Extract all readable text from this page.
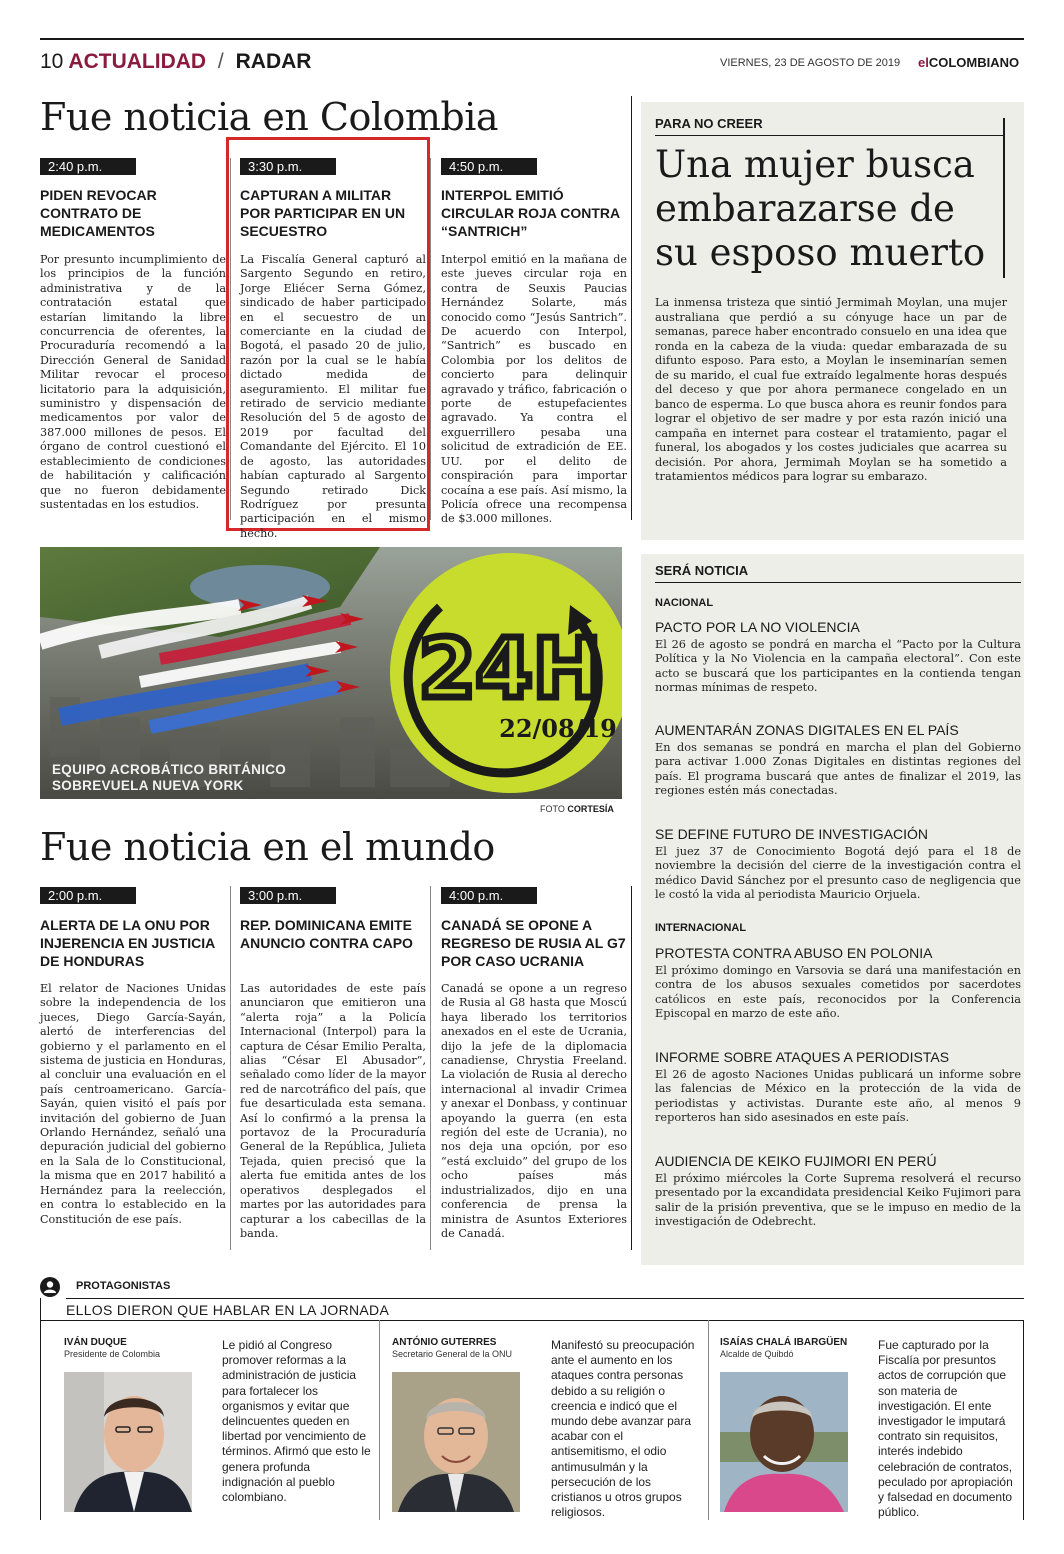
10 ACTUALIDAD / RADAR	VIERNES, 23 DE AGOSTO DE 2019 elCOLOMBIANO
Fue noticia en Colombia
2:40 p.m.
PIDEN REVOCAR CONTRATO DE MEDICAMENTOS
Por presunto incumplimiento de los principios de la función administrativa y de la contratación estatal que estarían limitando la libre concurrencia de oferentes, la Procuraduría recomendó a la Dirección General de Sanidad Militar revocar el proceso licitatorio para la adquisición, suministro y dispensación de medicamentos por valor de 387.000 millones de pesos. El órgano de control cuestionó el establecimiento de condiciones de habilitación y calificación que no fueron debidamente sustentadas en los estudios.
3:30 p.m.
CAPTURAN A MILITAR POR PARTICIPAR EN UN SECUESTRO
La Fiscalía General capturó al Sargento Segundo en retiro, Jorge Eliécer Serna Gómez, sindicado de haber participado en el secuestro de un comerciante en la ciudad de Bogotá, el pasado 20 de julio, razón por la cual se le había dictado medida de aseguramiento. El militar fue retirado de servicio mediante Resolución del 5 de agosto de 2019 por facultad del Comandante del Ejército. El 10 de agosto, las autoridades habían capturado al Sargento Segundo retirado Dick Rodríguez por presunta participación en el mismo hecho.
4:50 p.m.
INTERPOL EMITIÓ CIRCULAR ROJA CONTRA “SANTRICH”
Interpol emitió en la mañana de este jueves circular roja en contra de Seuxis Paucias Hernández Solarte, más conocido como “Jesús Santrich”. De acuerdo con Interpol, “Santrich” es buscado en Colombia por los delitos de concierto para delinquir agravado y tráfico, fabricación o porte de estupefacientes agravado. Ya contra el exguerrillero pesaba una solicitud de extradición de EE. UU. por el delito de conspiración para importar cocaína a ese país. Así mismo, la Policía ofrece una recompensa de $3.000 millones.
PARA NO CREER
Una mujer busca
embarazarse de
su esposo muerto
La inmensa tristeza que sintió Jermimah Moylan, una mujer australiana que perdió a su cónyuge hace un par de semanas, parece haber encontrado consuelo en una idea que ronda en la cabeza de la viuda: quedar embarazada de su difunto esposo. Para esto, a Moylan le inseminarían semen de su marido, el cual fue extraído legalmente horas después del deceso y que por ahora permanece congelado en un banco de esperma. Lo que busca ahora es reunir fondos para lograr el objetivo de ser madre y por esta razón inició una campaña en internet para costear el tratamiento, pagar el funeral, los abogados y los costes judiciales que acarrea su decisión. Por ahora, Jermimah Moylan se ha sometido a tratamientos médicos para lograr su embarazo.
24H
22/08/19
EQUIPO ACROBÁTICO BRITÁNICO
SOBREVUELA NUEVA YORK
FOTO CORTESÍA
SERÁ NOTICIA
NACIONAL
PACTO POR LA NO VIOLENCIA
El 26 de agosto se pondrá en marcha el “Pacto por la Cultura Política y la No Violencia en la campaña electoral”. Con este acto se buscará que los participantes en la contienda tengan normas mínimas de respeto.
AUMENTARÁN ZONAS DIGITALES EN EL PAÍS
En dos semanas se pondrá en marcha el plan del Gobierno para activar 1.000 Zonas Digitales en distintas regiones del país. El programa buscará que antes de finalizar el 2019, las regiones estén más conectadas.
SE DEFINE FUTURO DE INVESTIGACIÓN
El juez 37 de Conocimiento Bogotá dejó para el 18 de noviembre la decisión del cierre de la investigación contra el médico David Sánchez por el presunto caso de negligencia que le costó la vida al periodista Mauricio Orjuela.
INTERNACIONAL
PROTESTA CONTRA ABUSO EN POLONIA
El próximo domingo en Varsovia se dará una manifestación en contra de los abusos sexuales cometidos por sacerdotes católicos en este país, reconocidos por la Conferencia Episcopal en marzo de este año.
INFORME SOBRE ATAQUES A PERIODISTAS
El 26 de agosto Naciones Unidas publicará un informe sobre las falencias de México en la protección de la vida de periodistas y activistas. Durante este año, al menos 9 reporteros han sido asesinados en este país.
AUDIENCIA DE KEIKO FUJIMORI EN PERÚ
El próximo miércoles la Corte Suprema resolverá el recurso presentado por la excandidata presidencial Keiko Fujimori para salir de la prisión preventiva, que se le impuso en medio de la investigación de Odebrecht.
Fue noticia en el mundo
2:00 p.m.
ALERTA DE LA ONU POR INJERENCIA EN JUSTICIA DE HONDURAS
El relator de Naciones Unidas sobre la independencia de los jueces, Diego García-Sayán, alertó de interferencias del gobierno y el parlamento en el sistema de justicia en Honduras, al concluir una evaluación en el país centroamericano. García-Sayán, quien visitó el país por invitación del gobierno de Juan Orlando Hernández, señaló una depuración judicial del gobierno en la Sala de lo Constitucional, la misma que en 2017 habilitó a Hernández para la reelección, en contra lo establecido en la Constitución de ese país.
3:00 p.m.
REP. DOMINICANA EMITE ANUNCIO CONTRA CAPO
Las autoridades de este país anunciaron que emitieron una “alerta roja” a la Policía Internacional (Interpol) para la captura de César Emilio Peralta, alias “César El Abusador”, señalado como líder de la mayor red de narcotráfico del país, que fue desarticulada esta semana. Así lo confirmó a la prensa la portavoz de la Procuraduría General de la República, Julieta Tejada, quien precisó que la alerta fue emitida antes de los operativos desplegados el martes por las autoridades para capturar a los cabecillas de la banda.
4:00 p.m.
CANADÁ SE OPONE A REGRESO DE RUSIA AL G7 POR CASO UCRANIA
Canadá se opone a un regreso de Rusia al G8 hasta que Moscú haya liberado los territorios anexados en el este de Ucrania, dijo la jefe de la diplomacia canadiense, Chrystia Freeland. La violación de Rusia al derecho internacional al invadir Crimea y anexar el Donbass, y continuar apoyando la guerra (en esta región del este de Ucrania), no nos deja una opción, por eso “está excluido” del grupo de los ocho países más industrializados, dijo en una conferencia de prensa la ministra de Asuntos Exteriores de Canadá.
PROTAGONISTAS
ELLOS DIERON QUE HABLAR EN LA JORNADA
IVÁN DUQUE
Presidente de Colombia
Le pidió al Congreso promover reformas a la administración de justicia para fortalecer los organismos y evitar que delincuentes queden en libertad por vencimiento de términos. Afirmó que esto le genera profunda indignación al pueblo colombiano.
ANTÓNIO GUTERRES
Secretario General de la ONU
Manifestó su preocupación ante el aumento en los ataques contra personas debido a su religión o creencia e indicó que el mundo debe avanzar para acabar con el antisemitismo, el odio antimusulmán y la persecución de los cristianos u otros grupos religiosos.
ISAÍAS CHALÁ IBARGÜEN
Alcalde de Quibdó
Fue capturado por la Fiscalía por presuntos actos de corrupción que son materia de investigación. El ente investigador le imputará contrato sin requisitos, interés indebido celebración de contratos, peculado por apropiación y falsedad en documento público.
